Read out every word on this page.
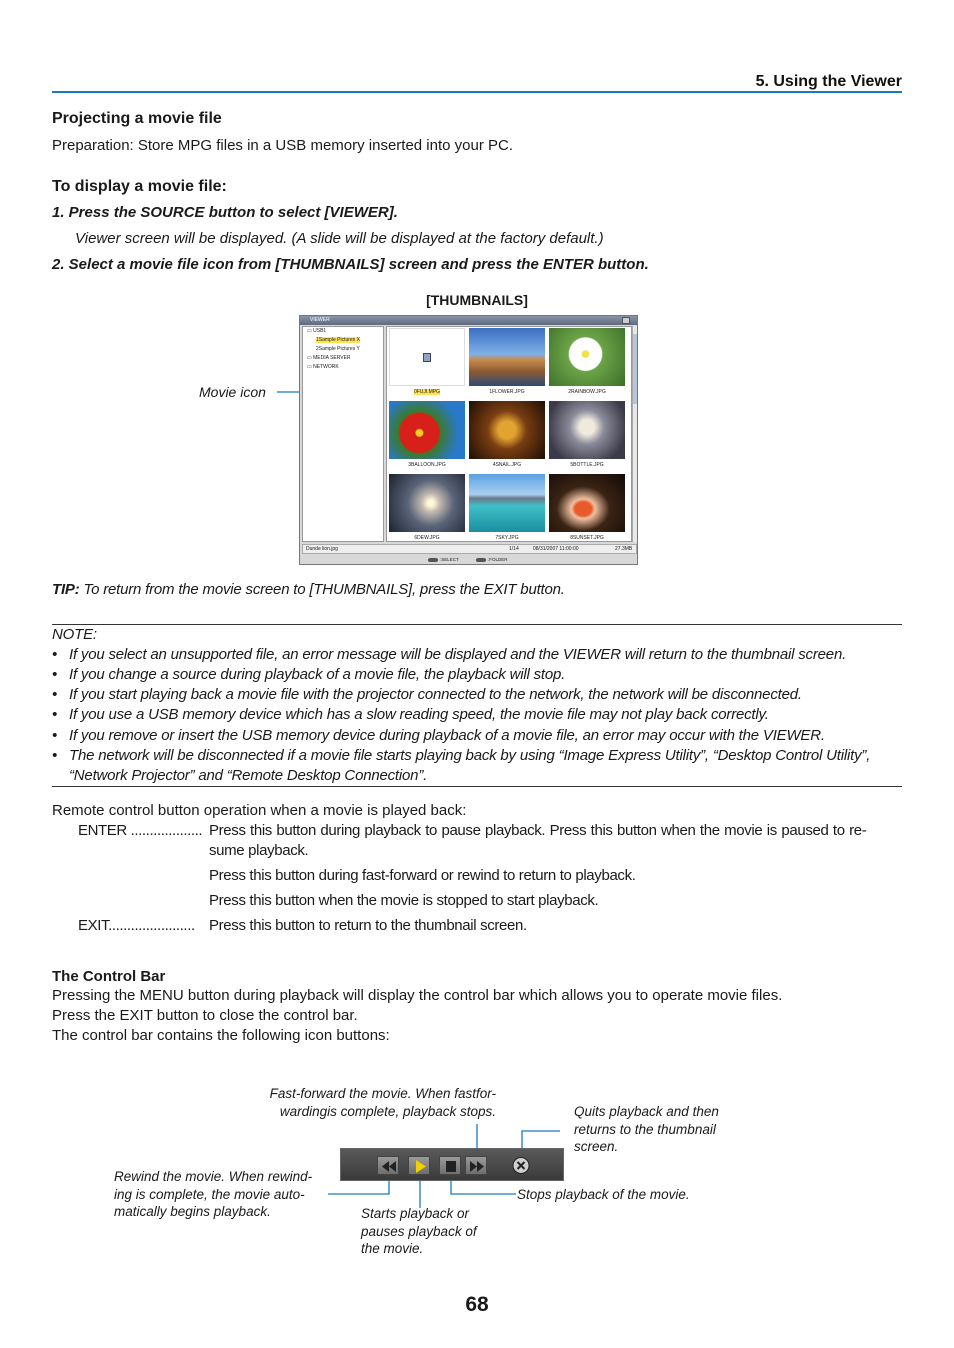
5. Using the Viewer
Projecting a movie file
Preparation: Store MPG files in a USB memory inserted into your PC.
To display a movie file:
1. Press the SOURCE button to select [VIEWER].
Viewer screen will be displayed. (A slide will be displayed at the factory default.)
2. Select a movie file icon from [THUMBNAILS] screen and press the ENTER button.
[THUMBNAILS]
Movie icon
VIEWER
▭ USB1
1Sample Pictures X
2Sample Pictures Y
▭ MEDIA SERVER
▭ NETWORK
0FUJI.MPG	1FLOWER.JPG	2RAINBOW.JPG
3BALLOON.JPG	4SNAIL.JPG	5BOTTLE.JPG
6DEW.JPG	7SKY.JPG	8SUNSET.JPG
Dunde lion.jpg	1/14	08/31/2007 11:00:00	27.3MB
:SELECT	:FOLDER
TIP: To return from the movie screen to [THUMBNAILS], press the EXIT button.
NOTE:
• If you select an unsupported file, an error message will be displayed and the VIEWER will return to the thumbnail screen.
• If you change a source during playback of a movie file, the playback will stop.
• If you start playing back a movie file with the projector connected to the network, the network will be disconnected.
• If you use a USB memory device which has a slow reading speed, the movie file may not play back correctly.
• If you remove or insert the USB memory device during playback of a movie file, an error may occur with the VIEWER.
• The network will be disconnected if a movie file starts playing back by using “Image Express Utility”, “Desktop Control Utility”,
“Network Projector” and “Remote Desktop Connection”.
Remote control button operation when a movie is played back:
ENTER ................... Press this button during playback to pause playback. Press this button when the movie is paused to re-
sume playback.
Press this button during fast-forward or rewind to return to playback.
Press this button when the movie is stopped to start playback.
EXIT....................... Press this button to return to the thumbnail screen.
The Control Bar
Pressing the MENU button during playback will display the control bar which allows you to operate movie files.
Press the EXIT button to close the control bar.
The control bar contains the following icon buttons:
Fast-forward the movie. When fastfor-
wardingis complete, playback stops.	Quits playback and then
returns to the thumbnail
screen.
Rewind the movie. When rewind-
ing is complete, the movie auto-
matically begins playback.
Stops playback of the movie.
Starts playback or
pauses playback of
the movie.
68
